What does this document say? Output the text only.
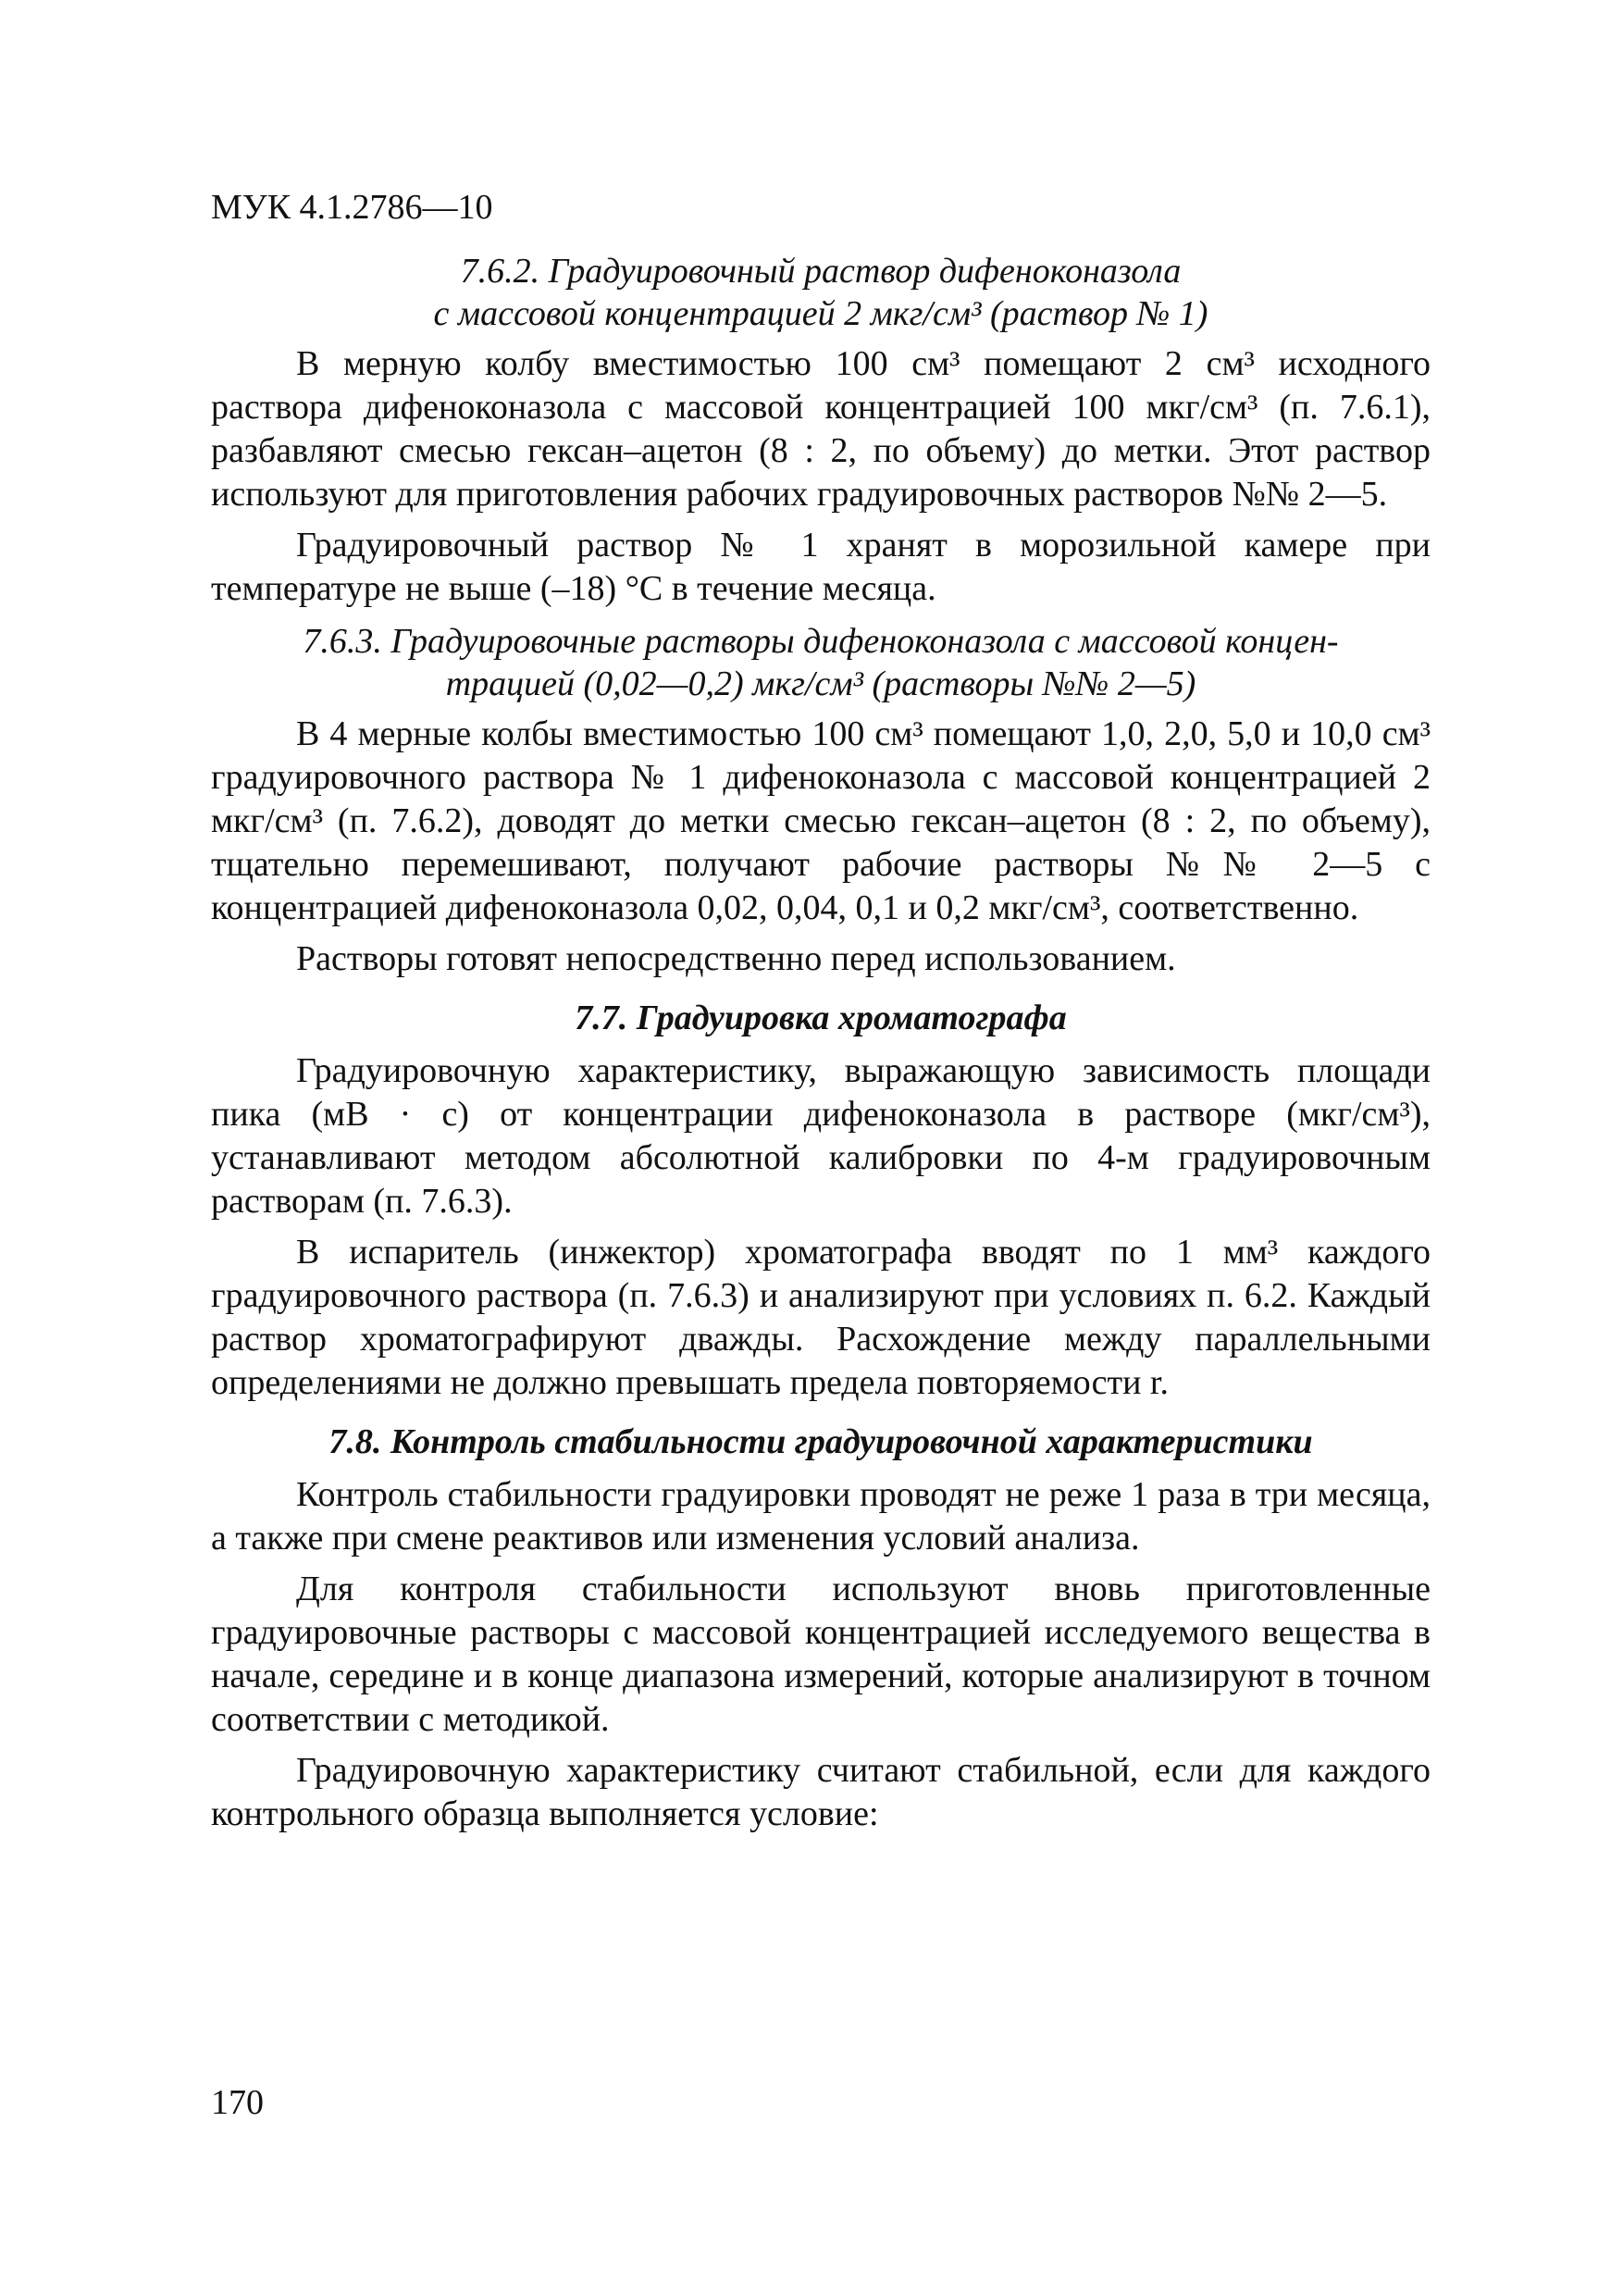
МУК 4.1.2786—10
7.6.2. Градуировочный раствор дифеноконазола
с массовой концентрацией 2 мкг/см³ (раствор № 1)

В мерную колбу вместимостью 100 см³ помещают 2 см³ исходного раствора дифеноконазола с массовой концентрацией 100 мкг/см³ (п. 7.6.1), разбавляют смесью гексан–ацетон (8 : 2, по объему) до метки. Этот раствор используют для приготовления рабочих градуировочных растворов №№ 2—5.

Градуировочный раствор № 1 хранят в морозильной камере при температуре не выше (–18) °С в течение месяца.

7.6.3. Градуировочные растворы дифеноконазола с массовой концен-
трацией (0,02—0,2) мкг/см³ (растворы №№ 2—5)

В 4 мерные колбы вместимостью 100 см³ помещают 1,0, 2,0, 5,0 и 10,0 см³ градуировочного раствора № 1 дифеноконазола с массовой концентрацией 2 мкг/см³ (п. 7.6.2), доводят до метки смесью гексан–ацетон (8 : 2, по объему), тщательно перемешивают, получают рабочие растворы №№ 2—5 с концентрацией дифеноконазола 0,02, 0,04, 0,1 и 0,2 мкг/см³, соответственно.

Растворы готовят непосредственно перед использованием.

7.7. Градуировка хроматографа

Градуировочную характеристику, выражающую зависимость площади пика (мВ · с) от концентрации дифеноконазола в растворе (мкг/см³), устанавливают методом абсолютной калибровки по 4-м градуировочным растворам (п. 7.6.3).

В испаритель (инжектор) хроматографа вводят по 1 мм³ каждого градуировочного раствора (п. 7.6.3) и анализируют при условиях п. 6.2. Каждый раствор хроматографируют дважды. Расхождение между параллельными определениями не должно превышать предела повторяемости r.

7.8. Контроль стабильности градуировочной характеристики

Контроль стабильности градуировки проводят не реже 1 раза в три месяца, а также при смене реактивов или изменения условий анализа.

Для контроля стабильности используют вновь приготовленные градуировочные растворы с массовой концентрацией исследуемого вещества в начале, середине и в конце диапазона измерений, которые анализируют в точном соответствии с методикой.

Градуировочную характеристику считают стабильной, если для каждого контрольного образца выполняется условие:

170
